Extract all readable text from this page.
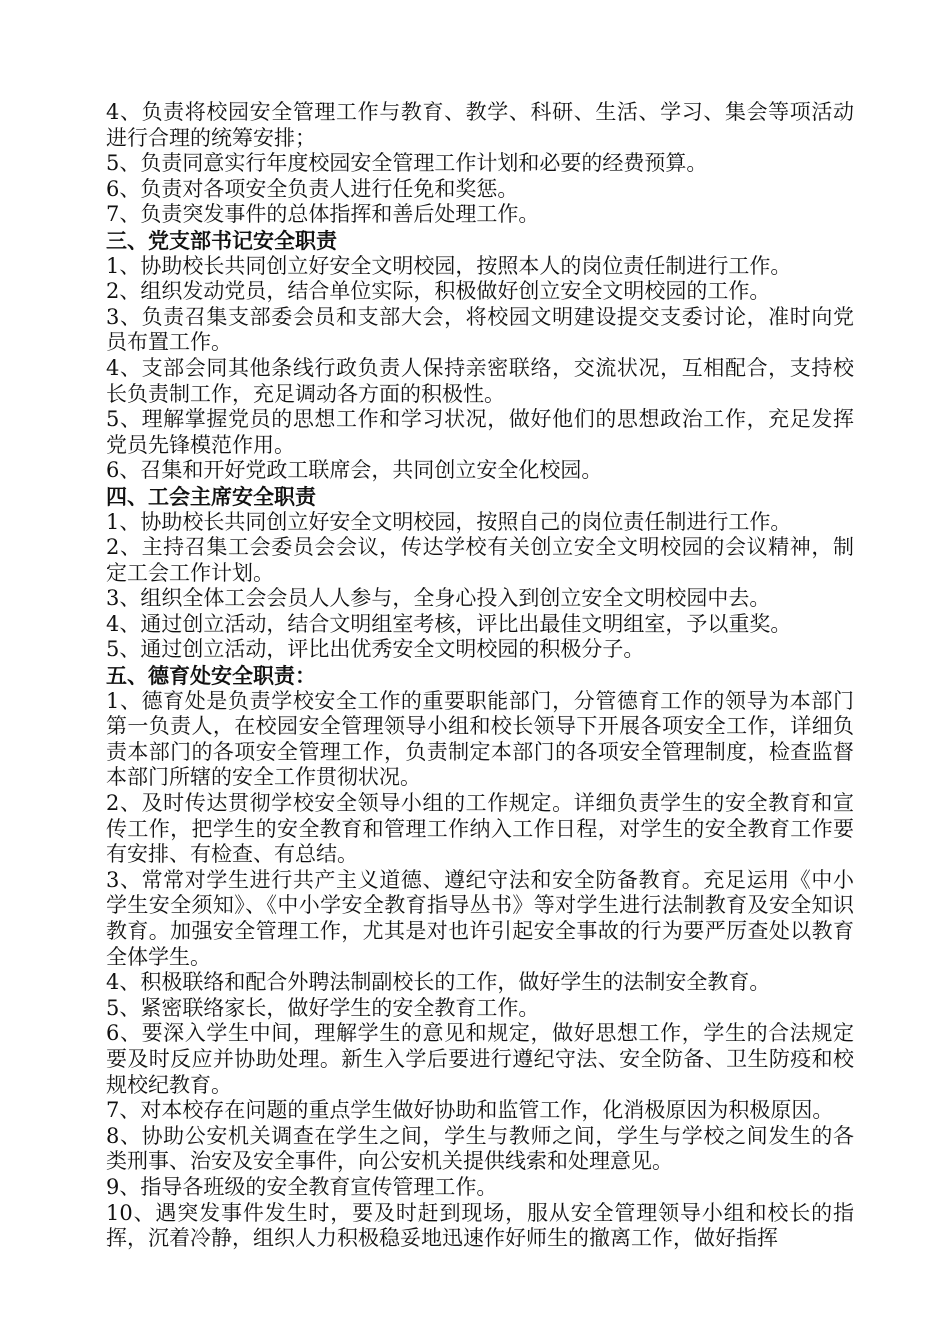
4、负责将校园安全管理工作与教育、教学、科研、生活、学习、集会等项活动进行合理的统筹安排；

5、负责同意实行年度校园安全管理工作计划和必要的经费预算。

6、负责对各项安全负责人进行任免和奖惩。

7、负责突发事件的总体指挥和善后处理工作。

三、党支部书记安全职责

1、协助校长共同创立好安全文明校园，按照本人的岗位责任制进行工作。

2、组织发动党员，结合单位实际，积极做好创立安全文明校园的工作。

3、负责召集支部委会员和支部大会，将校园文明建设提交支委讨论，准时向党员布置工作。

4、支部会同其他条线行政负责人保持亲密联络，交流状况，互相配合，支持校长负责制工作，充足调动各方面的积极性。

5、理解掌握党员的思想工作和学习状况，做好他们的思想政治工作，充足发挥党员先锋模范作用。

6、召集和开好党政工联席会，共同创立安全化校园。

四、工会主席安全职责

1、协助校长共同创立好安全文明校园，按照自己的岗位责任制进行工作。

2、主持召集工会委员会会议，传达学校有关创立安全文明校园的会议精神，制定工会工作计划。

3、组织全体工会会员人人参与，全身心投入到创立安全文明校园中去。

4、通过创立活动，结合文明组室考核，评比出最佳文明组室，予以重奖。

5、通过创立活动，评比出优秀安全文明校园的积极分子。

五、德育处安全职责：

1、德育处是负责学校安全工作的重要职能部门，分管德育工作的领导为本部门第一负责人，在校园安全管理领导小组和校长领导下开展各项安全工作，详细负责本部门的各项安全管理工作，负责制定本部门的各项安全管理制度，检查监督本部门所辖的安全工作贯彻状况。

2、及时传达贯彻学校安全领导小组的工作规定。详细负责学生的安全教育和宣传工作，把学生的安全教育和管理工作纳入工作日程，对学生的安全教育工作要有安排、有检查、有总结。

3、常常对学生进行共产主义道德、遵纪守法和安全防备教育。充足运用《中小学生安全须知》、《中小学安全教育指导丛书》等对学生进行法制教育及安全知识教育。加强安全管理工作，尤其是对也许引起安全事故的行为要严厉查处以教育全体学生。

4、积极联络和配合外聘法制副校长的工作，做好学生的法制安全教育。

5、紧密联络家长，做好学生的安全教育工作。

6、要深入学生中间，理解学生的意见和规定，做好思想工作，学生的合法规定要及时反应并协助处理。新生入学后要进行遵纪守法、安全防备、卫生防疫和校规校纪教育。

7、对本校存在问题的重点学生做好协助和监管工作，化消极原因为积极原因。

8、协助公安机关调查在学生之间，学生与教师之间，学生与学校之间发生的各类刑事、治安及安全事件，向公安机关提供线索和处理意见。

9、指导各班级的安全教育宣传管理工作。

10、遇突发事件发生时，要及时赶到现场，服从安全管理领导小组和校长的指挥，沉着冷静，组织人力积极稳妥地迅速作好师生的撤离工作，做好指挥
